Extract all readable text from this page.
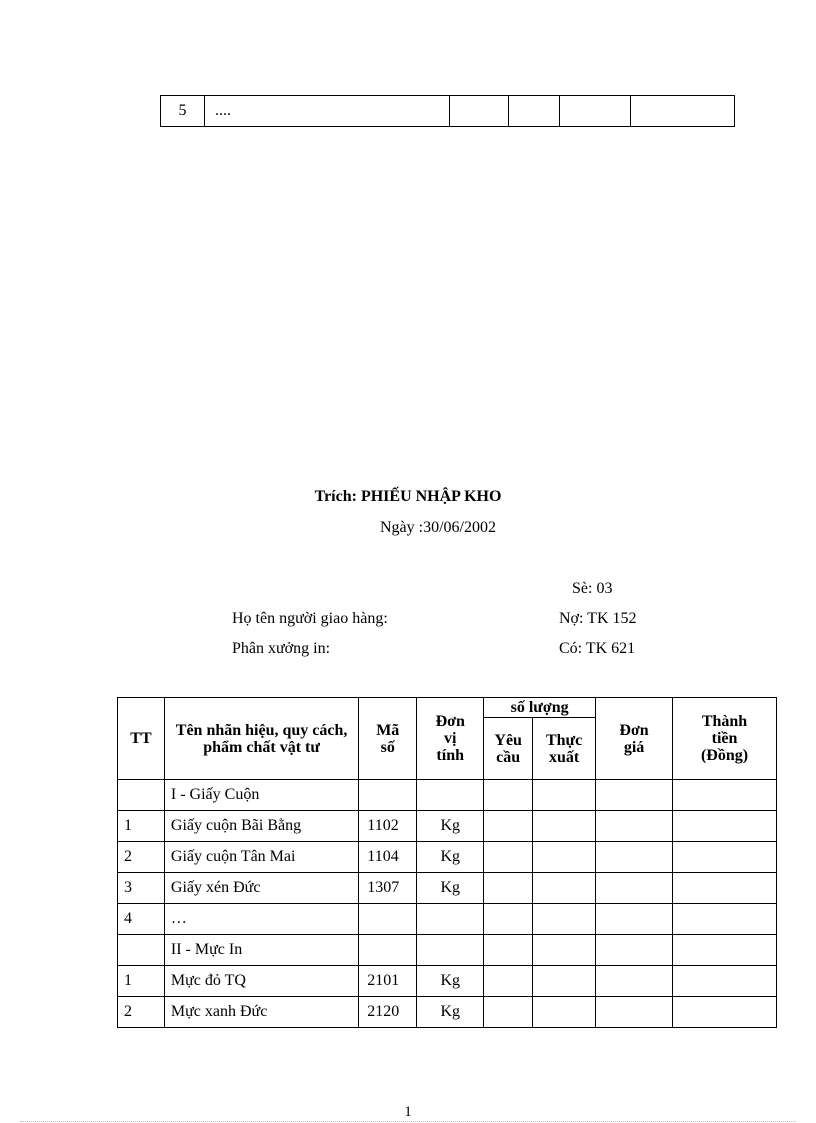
5	....				
Trích: PHIẾU NHẬP KHO
Ngày :30/06/2002
Sè: 03
Họ tên người giao hàng:	Nợ: TK 152
Phân xưởng in:	Có: TK 621
TT	Tên nhãn hiệu, quy cách, phẩm chất vật tư	Mã số	Đơn vị tính	số lượng		Đơn giá	Thành tiền (Đồng)
				Yêu cầu	Thực xuất		
	I - Giấy Cuộn						
1	Giấy cuộn Bãi Bằng	1102	Kg				
2	Giấy cuộn Tân Mai	1104	Kg				
3	Giấy xén Đức	1307	Kg				
4	…						
	II - Mực In						
1	Mực đỏ TQ	2101	Kg				
2	Mực xanh Đức	2120	Kg				
1
